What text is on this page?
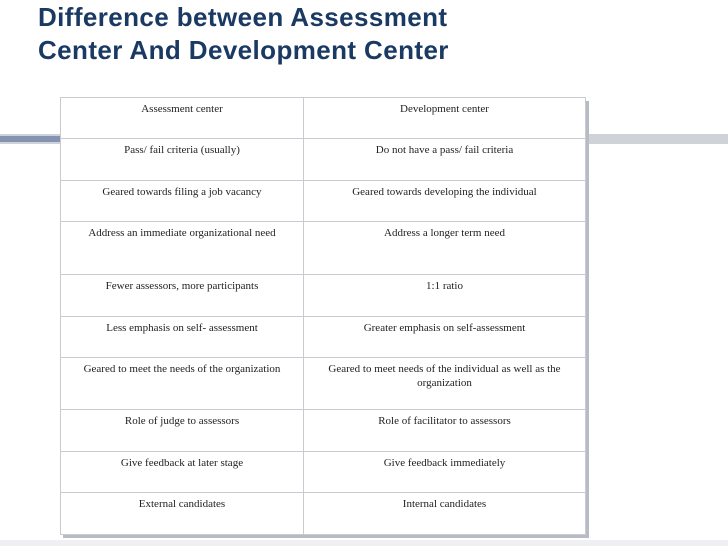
Difference between Assessment
Center And Development Center
Assessment center	Development center
Pass/ fail criteria (usually)	Do not have a pass/ fail criteria
Geared towards filing a job vacancy	Geared towards developing the individual
Address an immediate organizational need	Address a longer term need
Fewer assessors, more participants	1:1 ratio
Less emphasis on self- assessment	Greater emphasis on self-assessment
Geared to meet the needs of the organization	Geared to meet needs of the individual as well as the organization
Role of judge to assessors	Role of facilitator to assessors
Give feedback at later stage	Give feedback immediately
External candidates	Internal candidates
